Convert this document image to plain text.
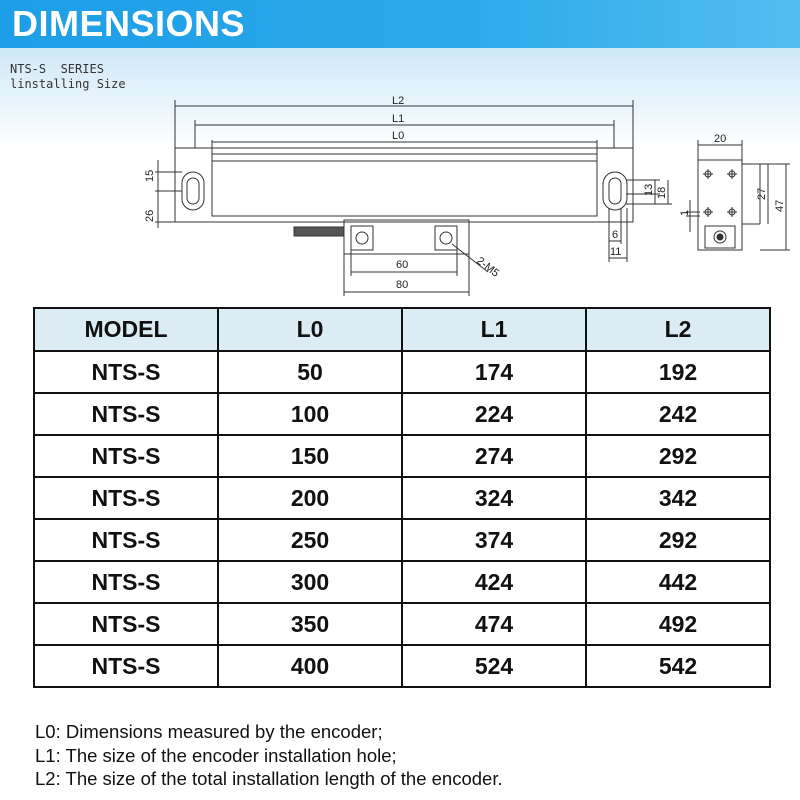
DIMENSIONS
NTS-S  SERIES
linstalling Size
L2
L1
L0
15
26
60
80
2-M5
13 18
6
11
1
20
27
47
MODEL	L0	L1	L2
NTS-S	50	174	192
NTS-S	100	224	242
NTS-S	150	274	292
NTS-S	200	324	342
NTS-S	250	374	292
NTS-S	300	424	442
NTS-S	350	474	492
NTS-S	400	524	542
L0: Dimensions measured by the encoder;
L1: The size of the encoder installation hole;
L2: The size of the total installation length of the encoder.
